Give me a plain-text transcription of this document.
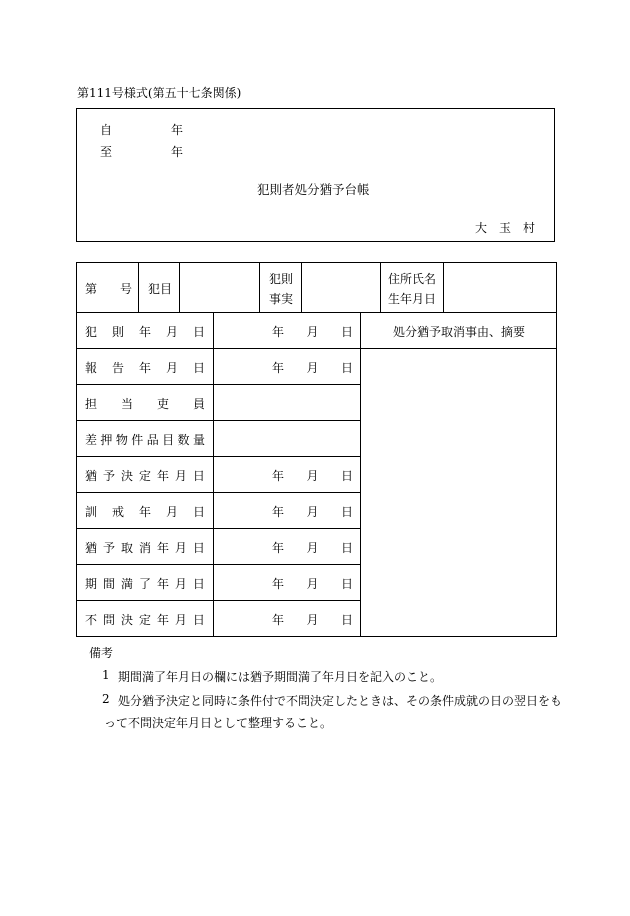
第111号様式(第五十七条関係)
自	年
至	年
犯則者処分猶予台帳
大　玉　村
第 号 犯目
犯則
事実
住所氏名
生年月日
処分猶予取消事由、摘要
犯 則 年 月 日
報 告 年 月 日
担 当 吏 員
差 押 物 件 品 目 数 量
猶 予 決 定 年 月 日
訓 戒 年 月 日
猶 予 取 消 年 月 日
期 間 満 了 年 月 日
不 問 決 定 年 月 日
年 月 日
年 月 日
年 月 日
年 月 日
年 月 日
年 月 日
年 月 日
備考
1 期間満了年月日の欄には猶予期間満了年月日を記入のこと。
2 処分猶予決定と同時に条件付で不問決定したときは、その条件成就の日の翌日をも
って不問決定年月日として整理すること。
